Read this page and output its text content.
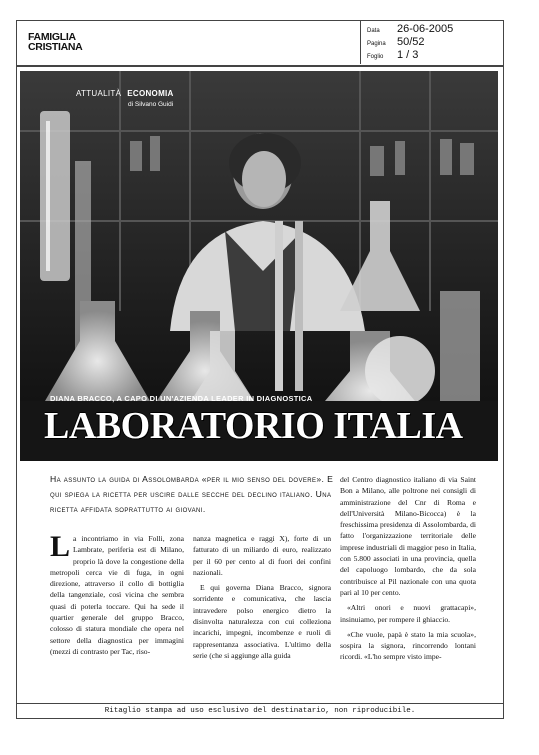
FAMIGLIA
CRISTIANA
Data 26-06-2005
Pagina 50/52
Foglio 1 / 3
ATTUALITÀ ECONOMIA
di Silvano Guidi
DIANA BRACCO, A CAPO DI UN'AZIENDA LEADER IN DIAGNOSTICA
LABORATORIO ITALIA
Ha assunto la guida di Assolombarda «per il mio senso del dovere». E qui spiega la ricetta per uscire dalle secche del declino italiano. Una ricetta affidata soprattutto ai giovani.

La incontriamo in via Folli, zona Lambrate, periferia est di Milano, proprio là dove la congestione della metropoli cerca vie di fuga, in ogni direzione, attraverso il collo di bottiglia della tangenziale, così vicina che sembra quasi di poterla toccare. Qui ha sede il quartier generale del gruppo Bracco, colosso di statura mondiale che opera nel settore della diagnostica per immagini (mezzi di contrasto per Tac, riso-

nanza magnetica e raggi X), forte di un fatturato di un miliardo di euro, realizzato per il 60 per cento al di fuori dei confini nazionali.

E qui governa Diana Bracco, signora sorridente e comunicativa, che lascia intravedere polso energico dietro la disinvolta naturalezza con cui colleziona incarichi, impegni, incombenze e ruoli di rappresentanza associativa. L'ultimo della serie (che si aggiunge alla guida

del Centro diagnostico italiano di via Saint Bon a Milano, alle poltrone nei consigli di amministrazione del Cnr di Roma e dell'Università Milano-Bicocca) è la freschissima presidenza di Assolombarda, di fatto l'organizzazione territoriale delle imprese industriali di maggior peso in Italia, con 5.800 associati in una provincia, quella del capoluogo lombardo, che da sola contribuisce al Pil nazionale con una quota pari al 10 per cento.

«Altri onori e nuovi grattacapi», insinuiamo, per rompere il ghiaccio.

«Che vuole, papà è stato la mia scuola», sospira la signora, rincorrendo lontani ricordi. «L'ho sempre visto impe-

Ritaglio stampa ad uso esclusivo del destinatario, non riproducibile.
